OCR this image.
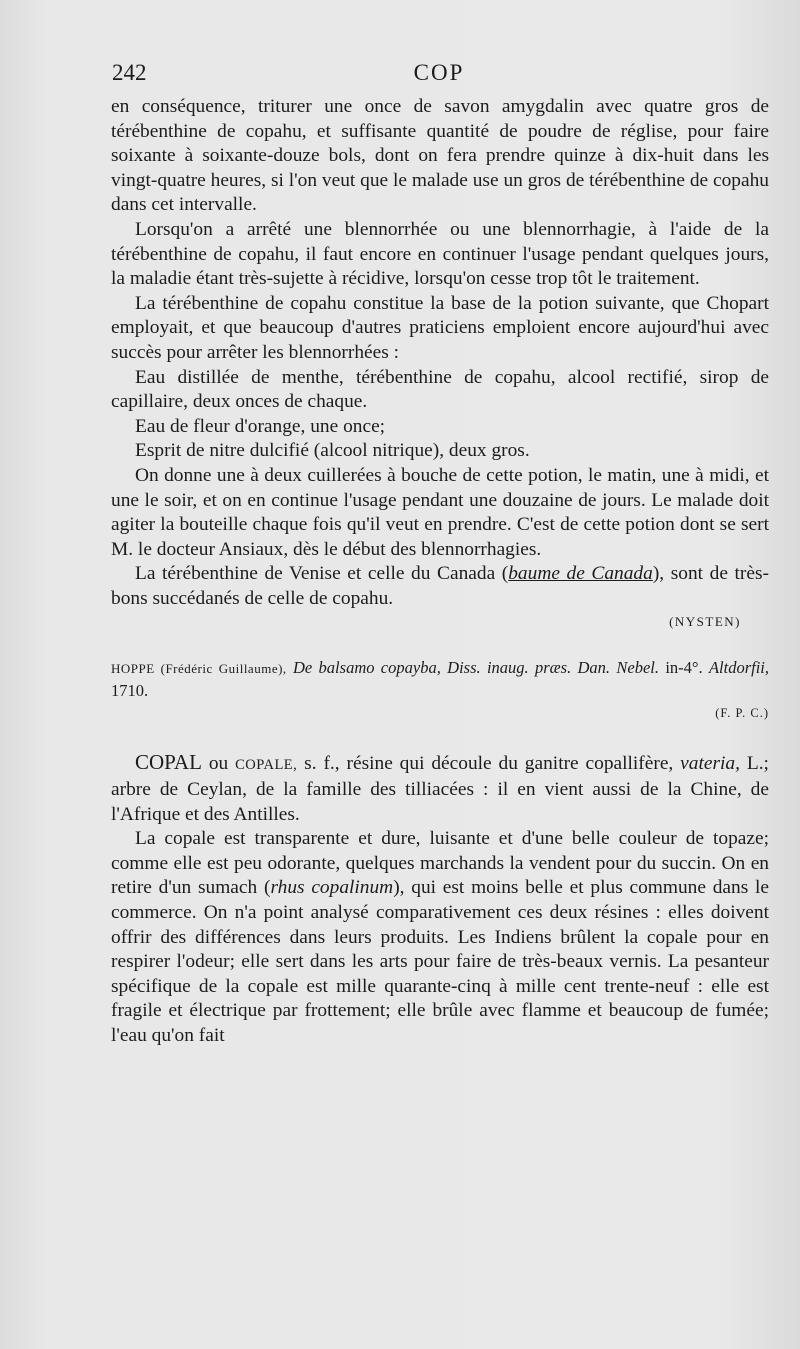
242	COP

en conséquence, triturer une once de savon amygdalin avec quatre gros de térébenthine de copahu, et suffisante quantité de poudre de réglise, pour faire soixante à soixante-douze bols, dont on fera prendre quinze à dix-huit dans les vingt-quatre heures, si l'on veut que le malade use un gros de térébenthine de copahu dans cet intervalle.

Lorsqu'on a arrêté une blennorrhée ou une blennorrhagie, à l'aide de la térébenthine de copahu, il faut encore en continuer l'usage pendant quelques jours, la maladie étant très-sujette à récidive, lorsqu'on cesse trop tôt le traitement.

La térébenthine de copahu constitue la base de la potion suivante, que Chopart employait, et que beaucoup d'autres praticiens emploient encore aujourd'hui avec succès pour arrêter les blennorrhées :

Eau distillée de menthe, térébenthine de copahu, alcool rectifié, sirop de capillaire, deux onces de chaque.

Eau de fleur d'orange, une once;

Esprit de nitre dulcifié (alcool nitrique), deux gros.

On donne une à deux cuillerées à bouche de cette potion, le matin, une à midi, et une le soir, et on en continue l'usage pendant une douzaine de jours. Le malade doit agiter la bouteille chaque fois qu'il veut en prendre. C'est de cette potion dont se sert M. le docteur Ansiaux, dès le début des blennorrhagies.

La térébenthine de Venise et celle du Canada (baume de Canada), sont de très-bons succédanés de celle de copahu.

(NYSTEN)

HOPPE (Frédéric Guillaume), De balsamo copayba, Diss. inaug. præs. Dan. Nebel. in-4°. Altdorfii, 1710.

(F. P. C.)

COPAL ou COPALE, s. f., résine qui découle du ganitre copallifère, vateria, L.; arbre de Ceylan, de la famille des tilliacées : il en vient aussi de la Chine, de l'Afrique et des Antilles.

La copale est transparente et dure, luisante et d'une belle couleur de topaze; comme elle est peu odorante, quelques marchands la vendent pour du succin. On en retire d'un sumach (rhus copalinum), qui est moins belle et plus commune dans le commerce. On n'a point analysé comparativement ces deux résines : elles doivent offrir des différences dans leurs produits. Les Indiens brûlent la copale pour en respirer l'odeur; elle sert dans les arts pour faire de très-beaux vernis. La pesanteur spécifique de la copale est mille quarante-cinq à mille cent trente-neuf : elle est fragile et électrique par frottement; elle brûle avec flamme et beaucoup de fumée; l'eau qu'on fait
